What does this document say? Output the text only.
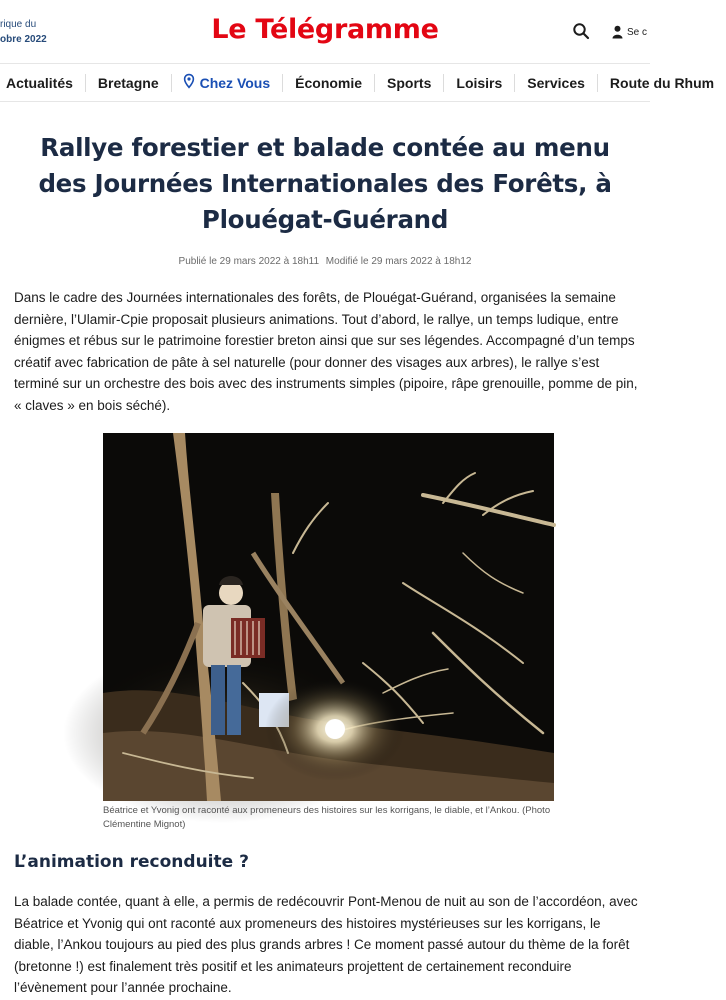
rique du
obre 2022	Le Télégramme	Se c
Actualités Bretagne	Chez Vous Économie Sports Loisirs Services Route du Rhum
Rallye forestier et balade contée au menu des Journées Internationales des Forêts, à Plouégat-Guérand
Publié le 29 mars 2022 à 18h11 Modifié le 29 mars 2022 à 18h12

Dans le cadre des Journées internationales des forêts, de Plouégat-Guérand, organisées la semaine dernière, l’Ulamir-Cpie proposait plusieurs animations. Tout d’abord, le rallye, un temps ludique, entre énigmes et rébus sur le patrimoine forestier breton ainsi que sur ses légendes. Accompagné d’un temps créatif avec fabrication de pâte à sel naturelle (pour donner des visages aux arbres), le rallye s’est terminé sur un orchestre des bois avec des instruments simples (pipoire, râpe grenouille, pomme de pin, « claves » en bois séché).

Béatrice et Yvonig ont raconté aux promeneurs des histoires sur les korrigans, le diable, et l’Ankou. (Photo Clémentine Mignot)
L’animation reconduite ?

La balade contée, quant à elle, a permis de redécouvrir Pont-Menou de nuit au son de l’accordéon, avec Béatrice et Yvonig qui ont raconté aux promeneurs des histoires mystérieuses sur les korrigans, le diable, l’Ankou toujours au pied des plus grands arbres ! Ce moment passé autour du thème de la forêt (bretonne !) est finalement très positif et les animateurs projettent de certainement reconduire l’évènement pour l’année prochaine.
